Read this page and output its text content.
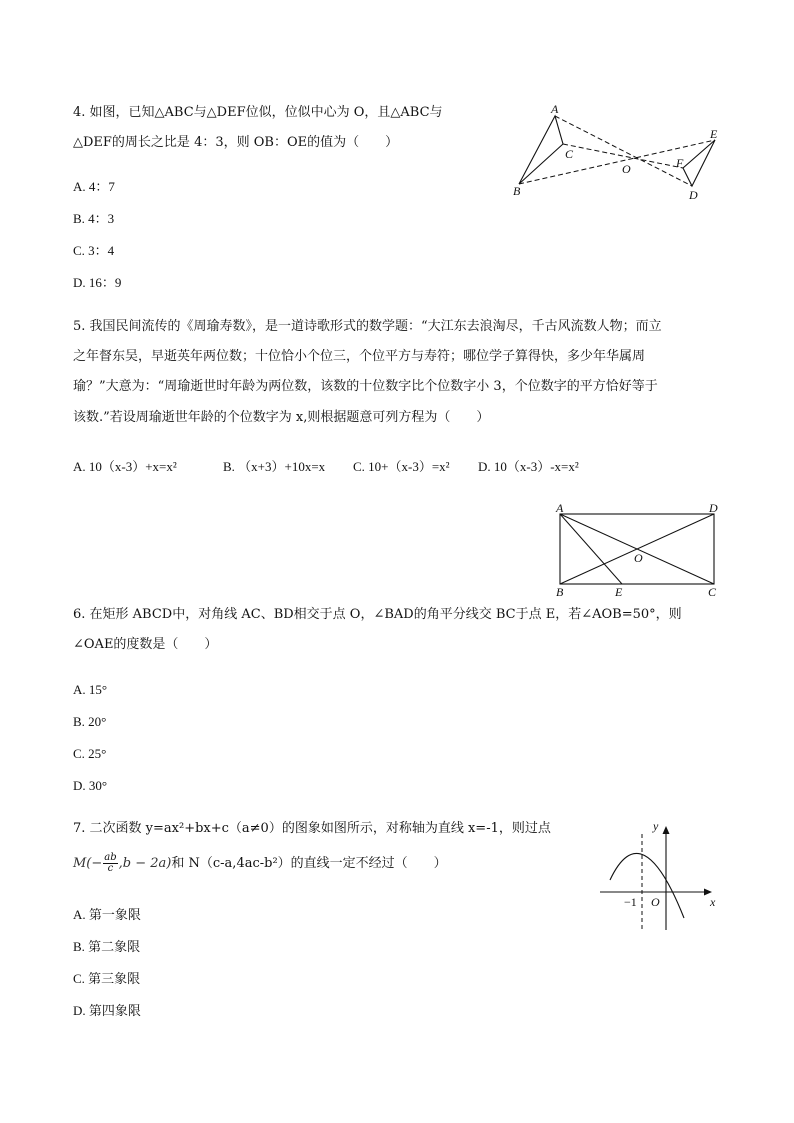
4. 如图，已知△ABC与△DEF位似，位似中心为 O，且△ABC与
△DEF的周长之比是 4：3，则 OB：OE的值为（　　）
A. 4：7
B. 4：3
C. 3：4
D. 16：9
A
B
C
O
E
F
D
5. 我国民间流传的《周瑜寿数》，是一道诗歌形式的数学题：“大江东去浪淘尽，千古风流数人物；而立
之年督东吴，早逝英年两位数；十位恰小个位三，个位平方与寿符；哪位学子算得快，多少年华属周
瑜？”大意为：“周瑜逝世时年龄为两位数，该数的十位数字比个位数字小 3，个位数字的平方恰好等于
该数.”若设周瑜逝世年龄的个位数字为 x,则根据题意可列方程为（　　）
A. 10（x-3）+x=x²	B. （x+3）+10x=x C. 10+（x-3）=x² D. 10（x-3）-x=x²
A	D
O
B	E	C
6. 在矩形 ABCD中，对角线 AC、BD相交于点 O，∠BAD的角平分线交 BC于点 E，若∠AOB=50°，则
∠OAE的度数是（　　）
A. 15°
B. 20°
C. 25°
D. 30°
7. 二次函数 y=ax²+bx+c（a≠0）的图象如图所示，对称轴为直线 x=-1，则过点
$M(- \frac{ab}{c} ,b - 2a)$和 N（c-a,4ac-b²）的直线一定不经过（　　）
A. 第一象限
B. 第二象限
C. 第三象限
D. 第四象限
y
x
−1 O
